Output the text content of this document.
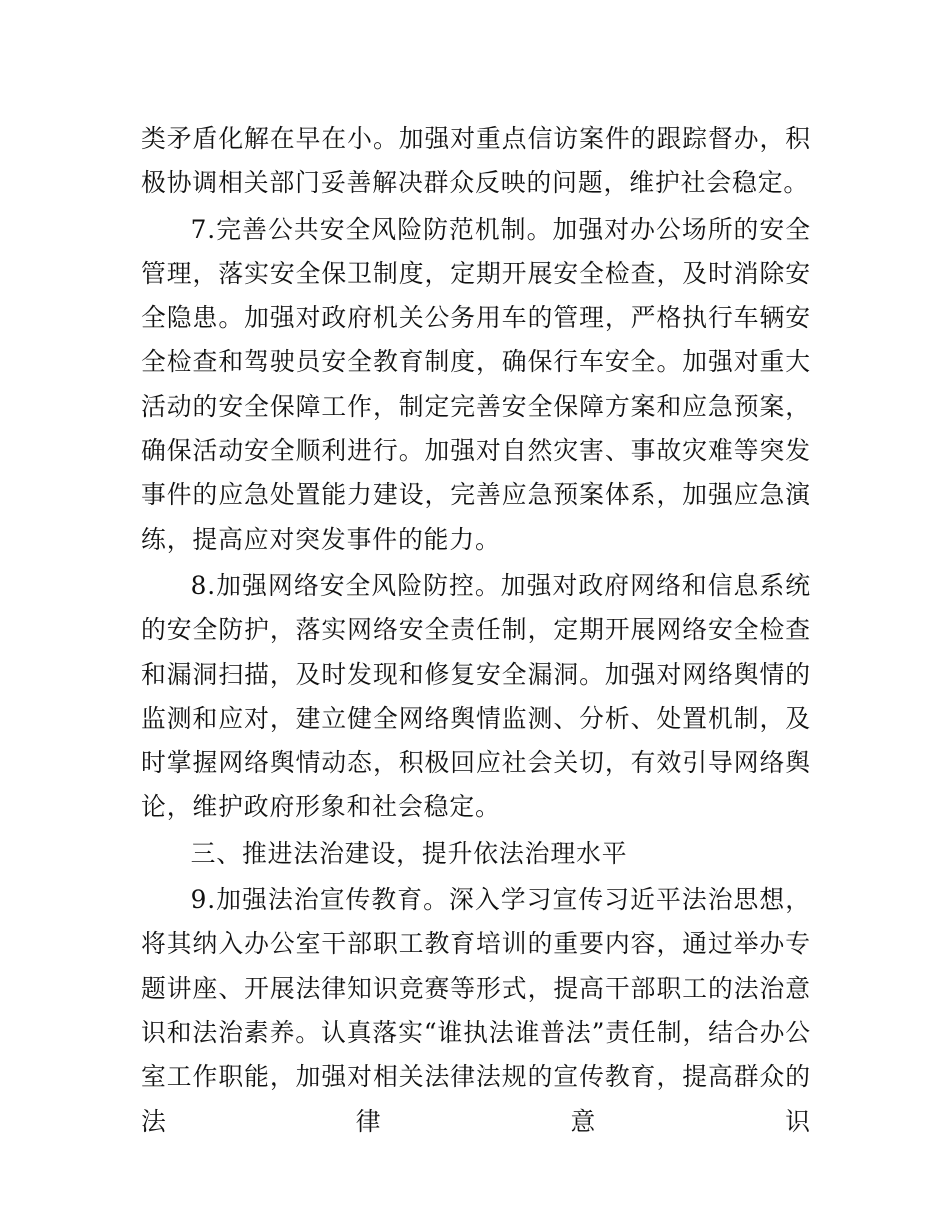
类矛盾化解在早在小。加强对重点信访案件的跟踪督办，积极协调相关部门妥善解决群众反映的问题，维护社会稳定。

7.完善公共安全风险防范机制。加强对办公场所的安全管理，落实安全保卫制度，定期开展安全检查，及时消除安全隐患。加强对政府机关公务用车的管理，严格执行车辆安全检查和驾驶员安全教育制度，确保行车安全。加强对重大活动的安全保障工作，制定完善安全保障方案和应急预案，确保活动安全顺利进行。加强对自然灾害、事故灾难等突发事件的应急处置能力建设，完善应急预案体系，加强应急演练，提高应对突发事件的能力。

8.加强网络安全风险防控。加强对政府网络和信息系统的安全防护，落实网络安全责任制，定期开展网络安全检查和漏洞扫描，及时发现和修复安全漏洞。加强对网络舆情的监测和应对，建立健全网络舆情监测、分析、处置机制，及时掌握网络舆情动态，积极回应社会关切，有效引导网络舆论，维护政府形象和社会稳定。

三、推进法治建设，提升依法治理水平

9.加强法治宣传教育。深入学习宣传习近平法治思想，将其纳入办公室干部职工教育培训的重要内容，通过举办专题讲座、开展法律知识竞赛等形式，提高干部职工的法治意识和法治素养。认真落实“谁执法谁普法”责任制，结合办公室工作职能，加强对相关法律法规的宣传教育，提高群众的法律意识
